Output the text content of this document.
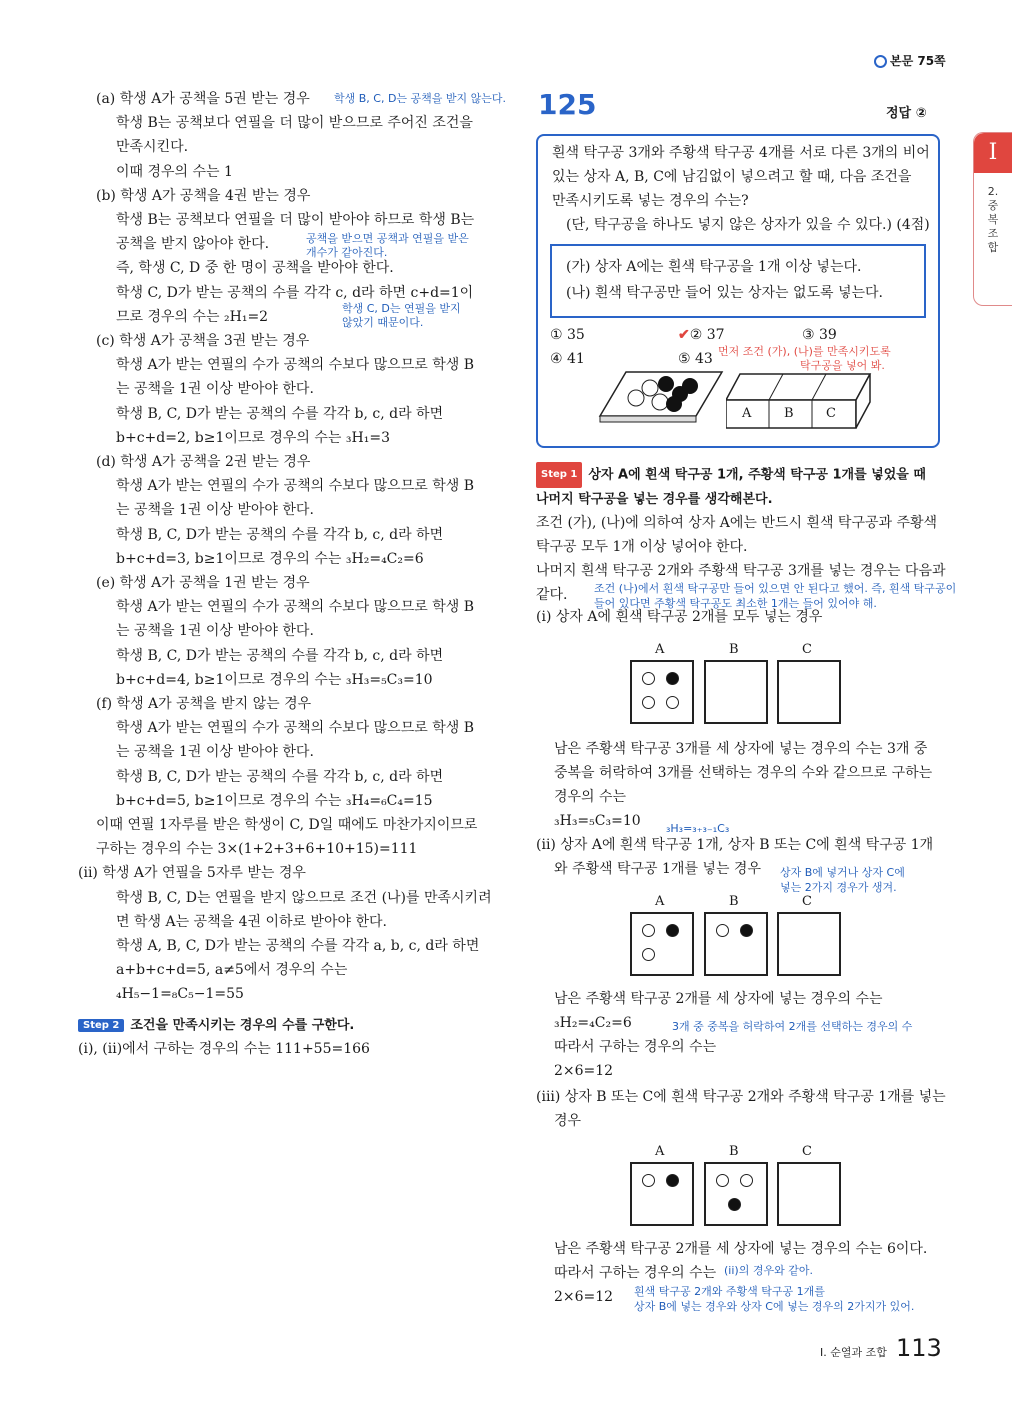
본문 75쪽
I
2. 중복조합
(a) 학생 A가 공책을 5권 받는 경우
학생 B는 공책보다 연필을 더 많이 받으므로 주어진 조건을
만족시킨다.
이때 경우의 수는 1
(b) 학생 A가 공책을 4권 받는 경우
학생 B는 공책보다 연필을 더 많이 받아야 하므로 학생 B는
공책을 받지 않아야 한다.
즉, 학생 C, D 중 한 명이 공책을 받아야 한다.
학생 C, D가 받는 공책의 수를 각각 c, d라 하면 c+d=1이
므로 경우의 수는 ₂H₁=2
(c) 학생 A가 공책을 3권 받는 경우
학생 A가 받는 연필의 수가 공책의 수보다 많으므로 학생 B
는 공책을 1권 이상 받아야 한다.
학생 B, C, D가 받는 공책의 수를 각각 b, c, d라 하면
b+c+d=2, b≥1이므로 경우의 수는 ₃H₁=3
(d) 학생 A가 공책을 2권 받는 경우
학생 A가 받는 연필의 수가 공책의 수보다 많으므로 학생 B
는 공책을 1권 이상 받아야 한다.
학생 B, C, D가 받는 공책의 수를 각각 b, c, d라 하면
b+c+d=3, b≥1이므로 경우의 수는 ₃H₂=₄C₂=6
(e) 학생 A가 공책을 1권 받는 경우
학생 A가 받는 연필의 수가 공책의 수보다 많으므로 학생 B
는 공책을 1권 이상 받아야 한다.
학생 B, C, D가 받는 공책의 수를 각각 b, c, d라 하면
b+c+d=4, b≥1이므로 경우의 수는 ₃H₃=₅C₃=10
(f) 학생 A가 공책을 받지 않는 경우
학생 A가 받는 연필의 수가 공책의 수보다 많으므로 학생 B
는 공책을 1권 이상 받아야 한다.
학생 B, C, D가 받는 공책의 수를 각각 b, c, d라 하면
b+c+d=5, b≥1이므로 경우의 수는 ₃H₄=₆C₄=15
이때 연필 1자루를 받은 학생이 C, D일 때에도 마찬가지이므로
구하는 경우의 수는 3×(1+2+3+6+10+15)=111
(ii) 학생 A가 연필을 5자루 받는 경우
학생 B, C, D는 연필을 받지 않으므로 조건 (나)를 만족시키려
면 학생 A는 공책을 4권 이하로 받아야 한다.
학생 A, B, C, D가 받는 공책의 수를 각각 a, b, c, d라 하면
a+b+c+d=5, a≠5에서 경우의 수는
₄H₅−1=₈C₅−1=55
학생 B, C, D는 공책을 받지 않는다.
공책을 받으면 공책과 연필을 받은
개수가 같아진다.
학생 C, D는 연필을 받지
않았기 때문이다.
Step 2 조건을 만족시키는 경우의 수를 구한다.
(i), (ii)에서 구하는 경우의 수는 111+55=166
125	정답 ②
흰색 탁구공 3개와 주황색 탁구공 4개를 서로 다른 3개의 비어
있는 상자 A, B, C에 남김없이 넣으려고 할 때, 다음 조건을
만족시키도록 넣는 경우의 수는?
(단, 탁구공을 하나도 넣지 않은 상자가 있을 수 있다.) (4점)
(가) 상자 A에는 흰색 탁구공을 1개 이상 넣는다.
(나) 흰색 탁구공만 들어 있는 상자는 없도록 넣는다.
① 35	✔② 37	③ 39
④ 41	⑤ 43 먼저 조건 (가), (나)를 만족시키도록
탁구공을 넣어 봐.
A	B C
Step 1 상자 A에 흰색 탁구공 1개, 주황색 탁구공 1개를 넣었을 때
나머지 탁구공을 넣는 경우를 생각해본다.
조건 (가), (나)에 의하여 상자 A에는 반드시 흰색 탁구공과 주황색
탁구공 모두 1개 이상 넣어야 한다.
나머지 흰색 탁구공 2개와 주황색 탁구공 3개를 넣는 경우는 다음과
같다. 조건 (나)에서 흰색 탁구공만 들어 있으면 안 된다고 했어. 즉, 흰색 탁구공이
들어 있다면 주황색 탁구공도 최소한 1개는 들어 있어야 해.
(i) 상자 A에 흰색 탁구공 2개를 모두 넣는 경우
A	B	C
남은 주황색 탁구공 3개를 세 상자에 넣는 경우의 수는 3개 중
중복을 허락하여 3개를 선택하는 경우의 수와 같으므로 구하는
경우의 수는
₃H₃=₅C₃=10 ₃H₃=₃₊₃₋₁C₃
(ii) 상자 A에 흰색 탁구공 1개, 상자 B 또는 C에 흰색 탁구공 1개
와 주황색 탁구공 1개를 넣는 경우 상자 B에 넣거나 상자 C에
넣는 2가지 경우가 생겨.
A	B	C
남은 주황색 탁구공 2개를 세 상자에 넣는 경우의 수는
₃H₂=₄C₂=6
따라서 구하는 경우의 수는
2×6=12
3개 중 중복을 허락하여 2개를 선택하는 경우의 수
(iii) 상자 B 또는 C에 흰색 탁구공 2개와 주황색 탁구공 1개를 넣는
경우
A	B	C
남은 주황색 탁구공 2개를 세 상자에 넣는 경우의 수는 6이다.
따라서 구하는 경우의 수는
2×6=12
(ii)의 경우와 같아.
흰색 탁구공 2개와 주황색 탁구공 1개를
상자 B에 넣는 경우와 상자 C에 넣는 경우의 2가지가 있어.
I. 순열과 조합 113
